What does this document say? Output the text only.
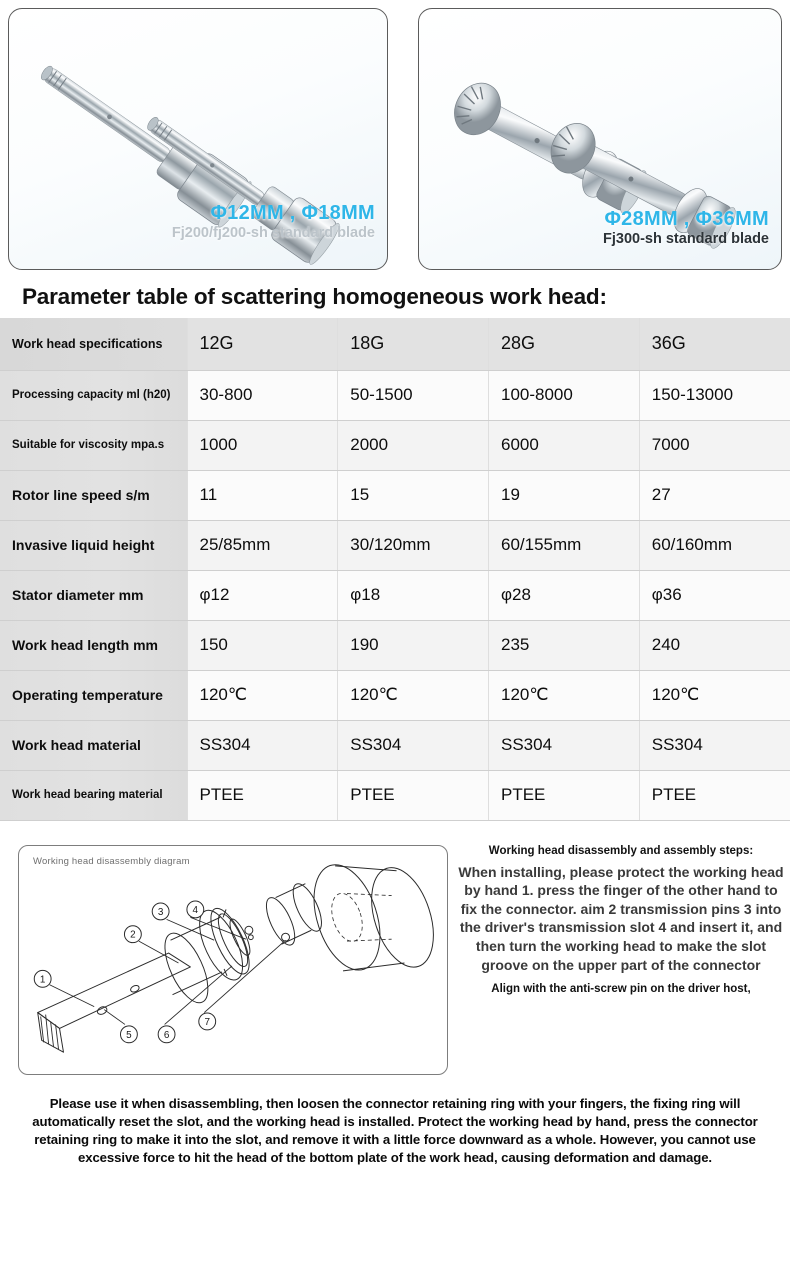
Φ12MM , Φ18MM
Fj200/fj200-sh standard blade
Φ28MM , Φ36MM
Fj300-sh standard blade
Parameter table of scattering homogeneous work head:
Work head specifications	12G	18G	28G	36G
Processing capacity ml (h20)	30-800	50-1500	100-8000	150-13000
Suitable for viscosity mpa.s	1000	2000	6000	7000
Rotor line speed s/m	11	15	19	27
Invasive liquid height	25/85mm	30/120mm	60/155mm	60/160mm
Stator diameter mm	φ12	φ18	φ28	φ36
Work head length mm	150	190	235	240
Operating temperature	120℃	120℃	120℃	120℃
Work head material	SS304	SS304	SS304	SS304
Work head bearing material	PTEE	PTEE	PTEE	PTEE
Working head disassembly diagram
1
2
3	4
5	6
7
Working head disassembly and assembly steps:
When installing, please protect the working head by hand 1. press the finger of the other hand to fix the connector. aim 2 transmission pins 3 into the driver's transmission slot 4 and insert it, and then turn the working head to make the slot groove on the upper part of the connector
Align with the anti-screw pin on the driver host,
Please use it when disassembling, then loosen the connector retaining ring with your fingers, the fixing ring will automatically reset the slot, and the working head is installed. Protect the working head by hand, press the connector retaining ring to make it into the slot, and remove it with a little force downward as a whole. However, you cannot use excessive force to hit the head of the bottom plate of the work head, causing deformation and damage.
